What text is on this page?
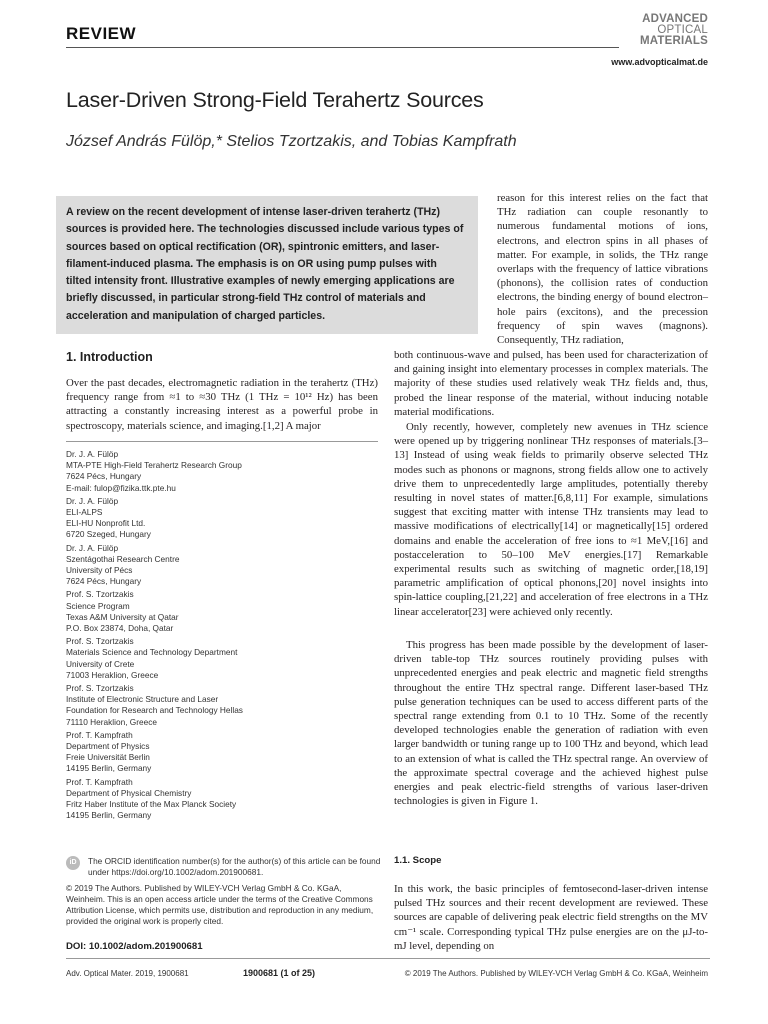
REVIEW
ADVANCED
OPTICAL
MATERIALS
www.advopticalmat.de
Laser-Driven Strong-Field Terahertz Sources
József András Fülöp,* Stelios Tzortzakis, and Tobias Kampfrath

A review on the recent development of intense laser-driven terahertz (THz) sources is provided here. The technologies discussed include various types of sources based on optical rectification (OR), spintronic emitters, and laser-filament-induced plasma. The emphasis is on OR using pump pulses with tilted intensity front. Illustrative examples of newly emerging applications are briefly discussed, in particular strong-field THz control of materials and acceleration and manipulation of charged particles.

1. Introduction

Over the past decades, electromagnetic radiation in the terahertz (THz) frequency range from ≈1 to ≈30 THz (1 THz = 10¹² Hz) has been attracting a constantly increasing interest as a powerful probe in spectroscopy, materials science, and imaging.[1,2] A major

Dr. J. A. Fülöp
MTA-PTE High-Field Terahertz Research Group
7624 Pécs, Hungary
E-mail: fulop@fizika.ttk.pte.hu
Dr. J. A. Fülöp
ELI-ALPS
ELI-HU Nonprofit Ltd.
6720 Szeged, Hungary
Dr. J. A. Fülöp
Szentágothai Research Centre
University of Pécs
7624 Pécs, Hungary
Prof. S. Tzortzakis
Science Program
Texas A&M University at Qatar
P.O. Box 23874, Doha, Qatar
Prof. S. Tzortzakis
Materials Science and Technology Department
University of Crete
71003 Heraklion, Greece
Prof. S. Tzortzakis
Institute of Electronic Structure and Laser
Foundation for Research and Technology Hellas
71110 Heraklion, Greece
Prof. T. Kampfrath
Department of Physics
Freie Universität Berlin
14195 Berlin, Germany
Prof. T. Kampfrath
Department of Physical Chemistry
Fritz Haber Institute of the Max Planck Society
14195 Berlin, Germany
iD	The ORCID identification number(s) for the author(s) of this article can be found under https://doi.org/10.1002/adom.201900681.
© 2019 The Authors. Published by WILEY-VCH Verlag GmbH & Co. KGaA, Weinheim. This is an open access article under the terms of the Creative Commons Attribution License, which permits use, distribution and reproduction in any medium, provided the original work is properly cited.
DOI: 10.1002/adom.201900681

reason for this interest relies on the fact that THz radiation can couple resonantly to numerous fundamental motions of ions, electrons, and electron spins in all phases of matter. For example, in solids, the THz range overlaps with the frequency of lattice vibrations (phonons), the collision rates of conduction electrons, the binding energy of bound electron–hole pairs (excitons), and the precession frequency of spin waves (magnons). Consequently, THz radiation,

both continuous-wave and pulsed, has been used for characterization of and gaining insight into elementary processes in complex materials. The majority of these studies used relatively weak THz fields and, thus, probed the linear response of the material, without inducing notable material modifications.

Only recently, however, completely new avenues in THz science were opened up by triggering nonlinear THz responses of materials.[3–13] Instead of using weak fields to primarily observe selected THz modes such as phonons or magnons, strong fields allow one to actively drive them to unprecedentedly large amplitudes, potentially thereby resulting in novel states of matter.[6,8,11] For example, simulations suggest that exciting matter with intense THz transients may lead to massive modifications of electrically[14] or magnetically[15] ordered domains and enable the acceleration of free ions to ≈1 MeV,[16] and postacceleration to 50–100 MeV energies.[17] Remarkable experimental results such as switching of magnetic order,[18,19] parametric amplification of optical phonons,[20] novel insights into spin-lattice coupling,[21,22] and acceleration of free electrons in a THz linear accelerator[23] were achieved only recently.

This progress has been made possible by the development of laser-driven table-top THz sources routinely providing pulses with unprecedented energies and peak electric and magnetic field strengths throughout the entire THz spectral range. Different laser-based THz pulse generation techniques can be used to access different parts of the spectral range extending from 0.1 to 10 THz. Some of the recently developed technologies enable the generation of radiation with even larger bandwidth or tuning range up to 100 THz and beyond, which lead to an extension of what is called the THz spectral range. An overview of the approximate spectral coverage and the achieved highest pulse energies and peak electric-field strengths of various laser-driven technologies is given in Figure 1.

1.1. Scope

In this work, the basic principles of femtosecond-laser-driven intense pulsed THz sources and their recent development are reviewed. These sources are capable of delivering peak electric field strengths on the MV cm⁻¹ scale. Corresponding typical THz pulse energies are on the μJ-to-mJ level, depending on

Adv. Optical Mater. 2019, 1900681	1900681 (1 of 25)	© 2019 The Authors. Published by WILEY-VCH Verlag GmbH & Co. KGaA, Weinheim
